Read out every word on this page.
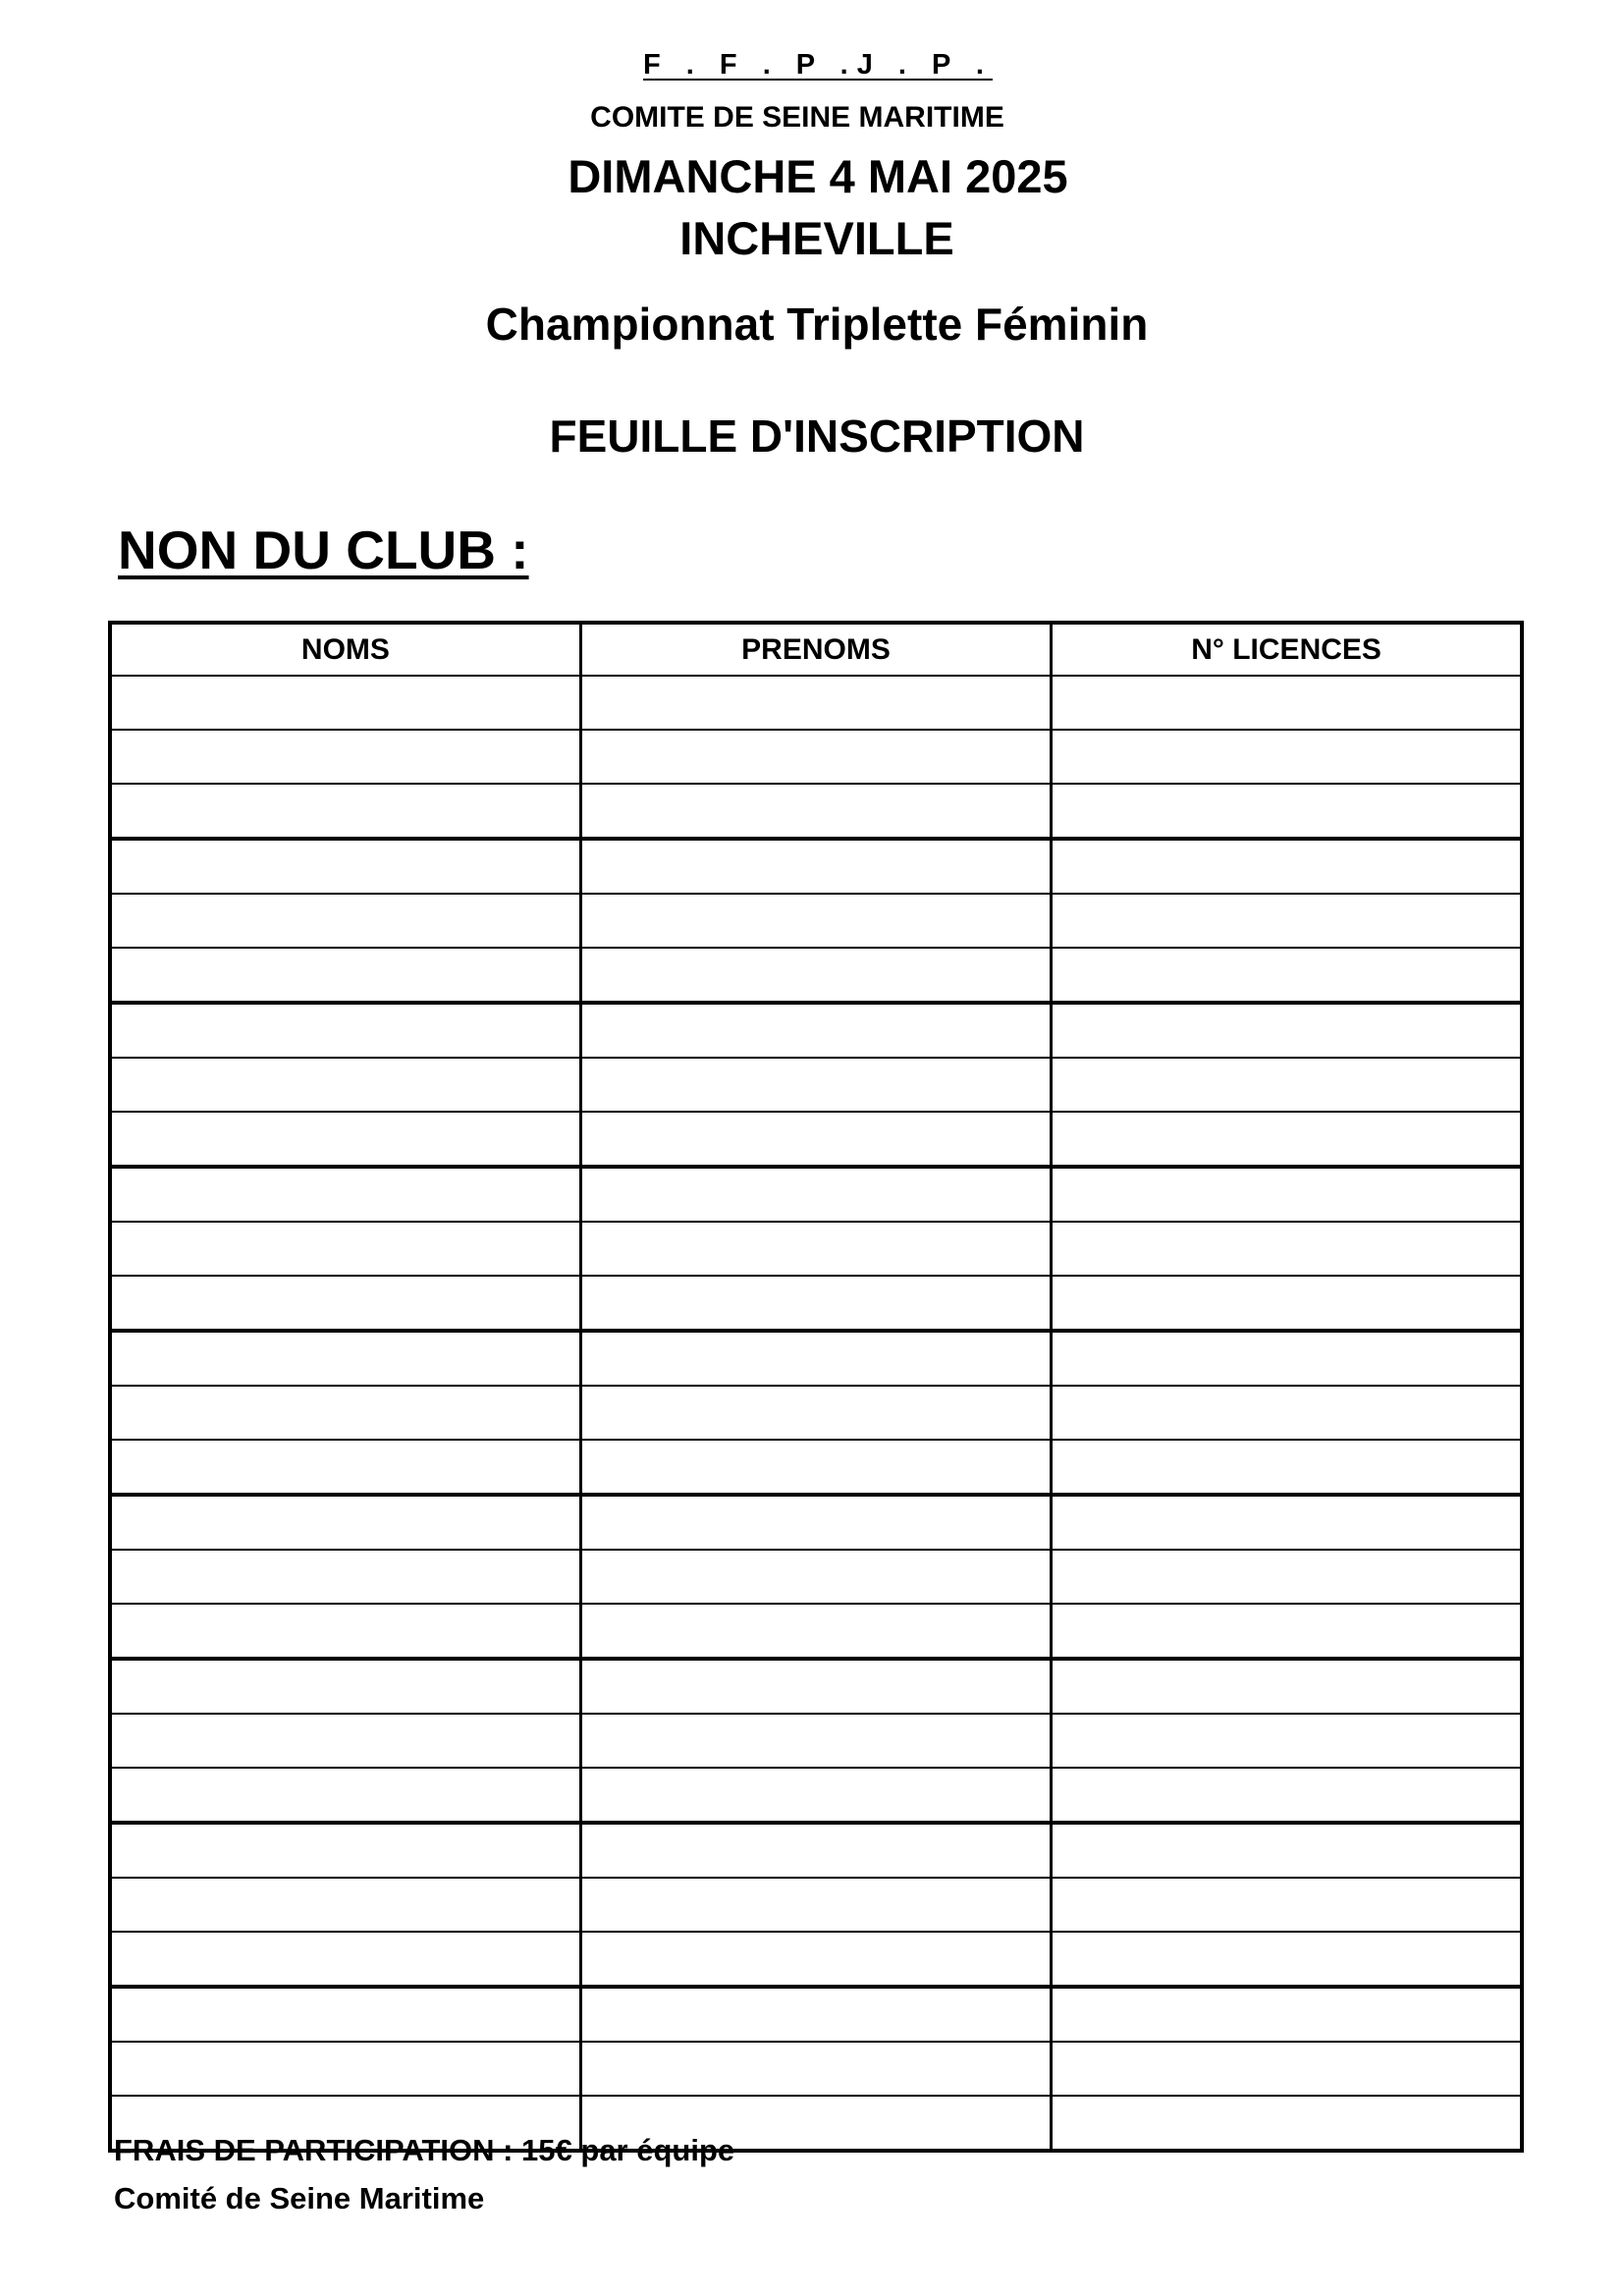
F . F . P .J . P .
COMITE DE SEINE MARITIME
DIMANCHE 4 MAI 2025
INCHEVILLE
Championnat Triplette Féminin
FEUILLE D'INSCRIPTION
NON DU CLUB :
NOMS	PRENOMS	N° LICENCES

FRAIS DE PARTICIPATION : 15€ par équipe
Comité de Seine Maritime
